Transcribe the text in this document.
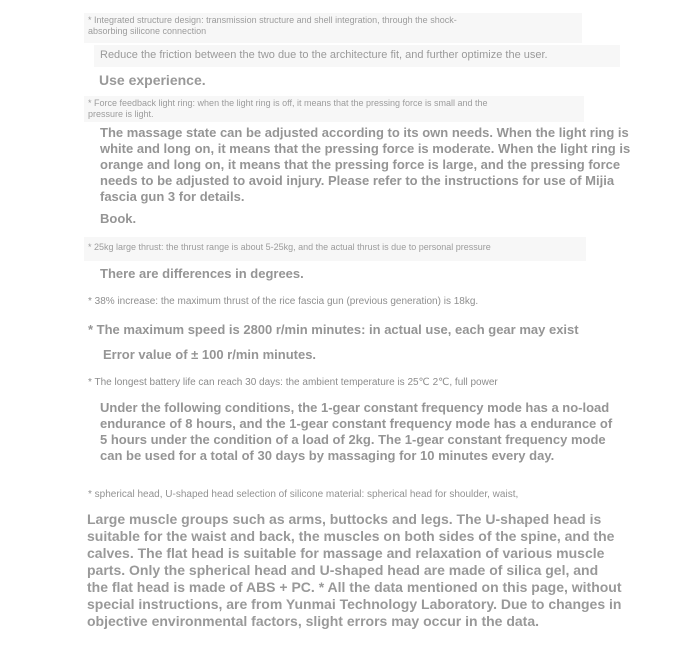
* Integrated structure design: transmission structure and shell integration, through the shock-
absorbing silicone connection
Reduce the friction between the two due to the architecture fit, and further optimize the user.
Use experience.
* Force feedback light ring: when the light ring is off, it means that the pressing force is small and the
pressure is light.
The massage state can be adjusted according to its own needs. When the light ring is white and long on, it means that the pressing force is moderate. When the light ring is orange and long on, it means that the pressing force is large, and the pressing force needs to be adjusted to avoid injury. Please refer to the instructions for use of Mijia fascia gun 3 for details.
Book.
* 25kg large thrust: the thrust range is about 5-25kg, and the actual thrust is due to personal pressure
There are differences in degrees.
* 38% increase: the maximum thrust of the rice fascia gun (previous generation) is 18kg.
* The maximum speed is 2800 r/min minutes: in actual use, each gear may exist
Error value of ± 100 r/min minutes.
* The longest battery life can reach 30 days: the ambient temperature is 25℃ 2℃, full power
Under the following conditions, the 1-gear constant frequency mode has a no-load endurance of 8 hours, and the 1-gear constant frequency mode has a endurance of 5 hours under the condition of a load of 2kg. The 1-gear constant frequency mode can be used for a total of 30 days by massaging for 10 minutes every day.
* spherical head, U-shaped head selection of silicone material: spherical head for shoulder, waist,
Large muscle groups such as arms, buttocks and legs. The U-shaped head is suitable for the waist and back, the muscles on both sides of the spine, and the calves. The flat head is suitable for massage and relaxation of various muscle parts. Only the spherical head and U-shaped head are made of silica gel, and the flat head is made of ABS + PC. * All the data mentioned on this page, without special instructions, are from Yunmai Technology Laboratory. Due to changes in objective environmental factors, slight errors may occur in the data.
